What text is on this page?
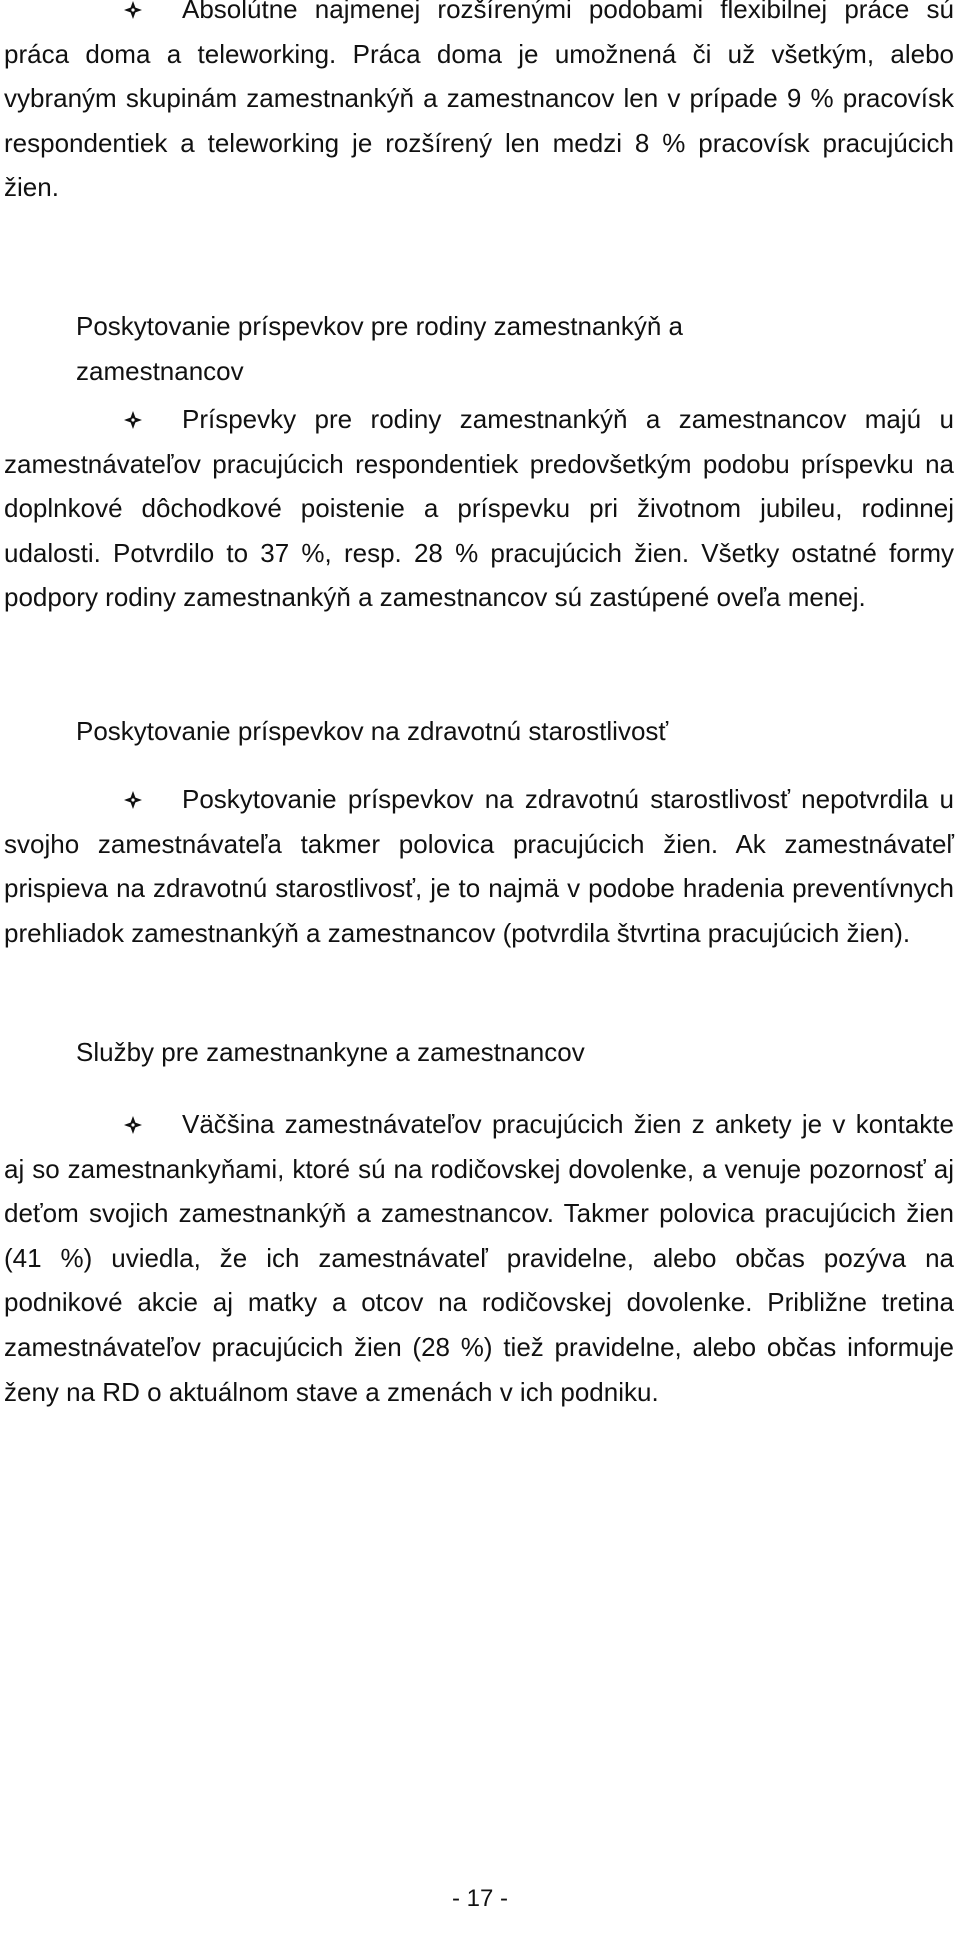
Absolútne najmenej rozšírenými podobami flexibilnej práce sú práca doma a teleworking. Práca doma je umožnená či už všetkým, alebo vybraným skupinám zamestnankýň a zamestnancov len v prípade 9 % pracovísk respondentiek a teleworking je rozšírený len medzi 8 % pracovísk pracujúcich žien.
Poskytovanie príspevkov pre rodiny zamestnankýň a zamestnancov
Príspevky pre rodiny zamestnankýň a zamestnancov majú u zamestnávateľov pracujúcich respondentiek predovšetkým podobu príspevku na doplnkové dôchodkové poistenie a príspevku pri životnom jubileu, rodinnej udalosti. Potvrdilo to 37 %, resp. 28 % pracujúcich žien. Všetky ostatné formy podpory rodiny zamestnankýň a zamestnancov sú zastúpené oveľa menej.
Poskytovanie príspevkov na zdravotnú starostlivosť
Poskytovanie príspevkov na zdravotnú starostlivosť nepotvrdila u svojho zamestnávateľa takmer polovica pracujúcich žien. Ak zamestnávateľ prispieva na zdravotnú starostlivosť, je to najmä v podobe hradenia preventívnych prehliadok zamestnankýň a zamestnancov (potvrdila štvrtina pracujúcich žien).
Služby pre zamestnankyne a zamestnancov
Väčšina zamestnávateľov pracujúcich žien z ankety je v kontakte aj so zamestnankyňami, ktoré sú na rodičovskej dovolenke, a venuje pozornosť aj deťom svojich zamestnankýň a zamestnancov. Takmer polovica pracujúcich žien (41 %) uviedla, že ich zamestnávateľ pravidelne, alebo občas pozýva na podnikové akcie aj matky a otcov na rodičovskej dovolenke. Približne tretina zamestnávateľov pracujúcich žien (28 %) tiež pravidelne, alebo občas informuje ženy na RD o aktuálnom stave a zmenách v ich podniku.
- 17 -
